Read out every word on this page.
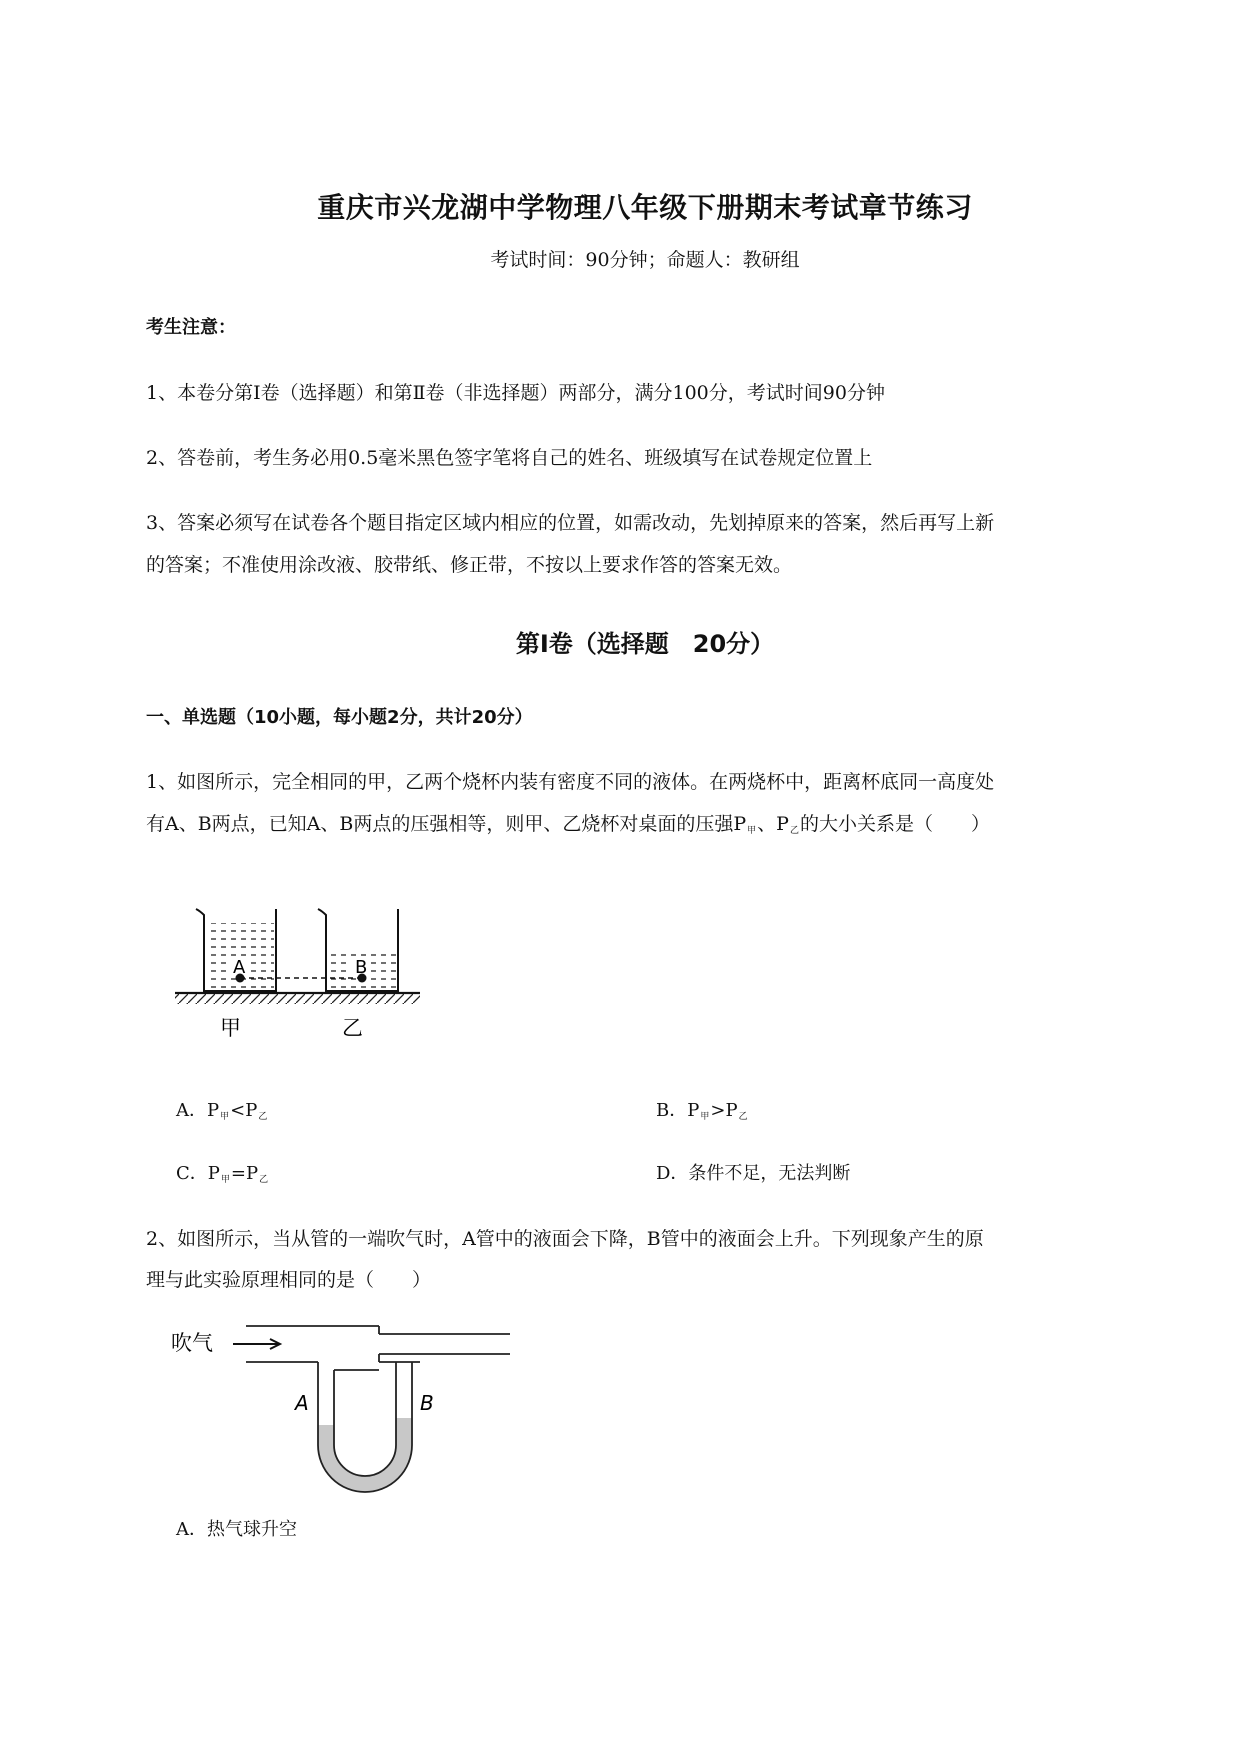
重庆市兴龙湖中学物理八年级下册期末考试章节练习
考试时间：90分钟；命题人：教研组
考生注意：
1、本卷分第Ⅰ卷（选择题）和第Ⅱ卷（非选择题）两部分，满分100分，考试时间90分钟
2、答卷前，考生务必用0.5毫米黑色签字笔将自己的姓名、班级填写在试卷规定位置上
3、答案必须写在试卷各个题目指定区域内相应的位置，如需改动，先划掉原来的答案，然后再写上新
的答案；不准使用涂改液、胶带纸、修正带，不按以上要求作答的答案无效。
第Ⅰ卷（选择题　20分）
一、单选题（10小题，每小题2分，共计20分）
1、如图所示，完全相同的甲，乙两个烧杯内装有密度不同的液体。在两烧杯中，距离杯底同一高度处
有A、B两点，已知A、B两点的压强相等，则甲、乙烧杯对桌面的压强P甲、P乙的大小关系是（　　）
A	B
甲	乙
A．P甲<P乙	B．P甲>P乙
C．P甲=P乙	D．条件不足，无法判断
2、如图所示，当从管的一端吹气时，A管中的液面会下降，B管中的液面会上升。下列现象产生的原
理与此实验原理相同的是（　　）
吹气
A	B
A．热气球升空
